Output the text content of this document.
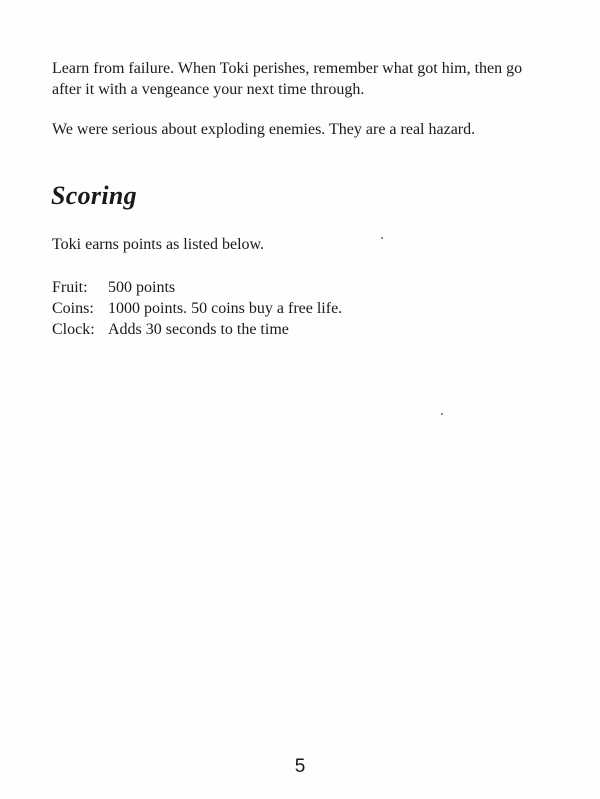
Learn from failure. When Toki perishes, remember what got him, then go after it with a vengeance your next time through.

We were serious about exploding enemies. They are a real hazard.

Scoring

Toki earns points as listed below.

Fruit:	500 points
Coins: 1000 points. 50 coins buy a free life.
Clock: Adds 30 seconds to the time
5
